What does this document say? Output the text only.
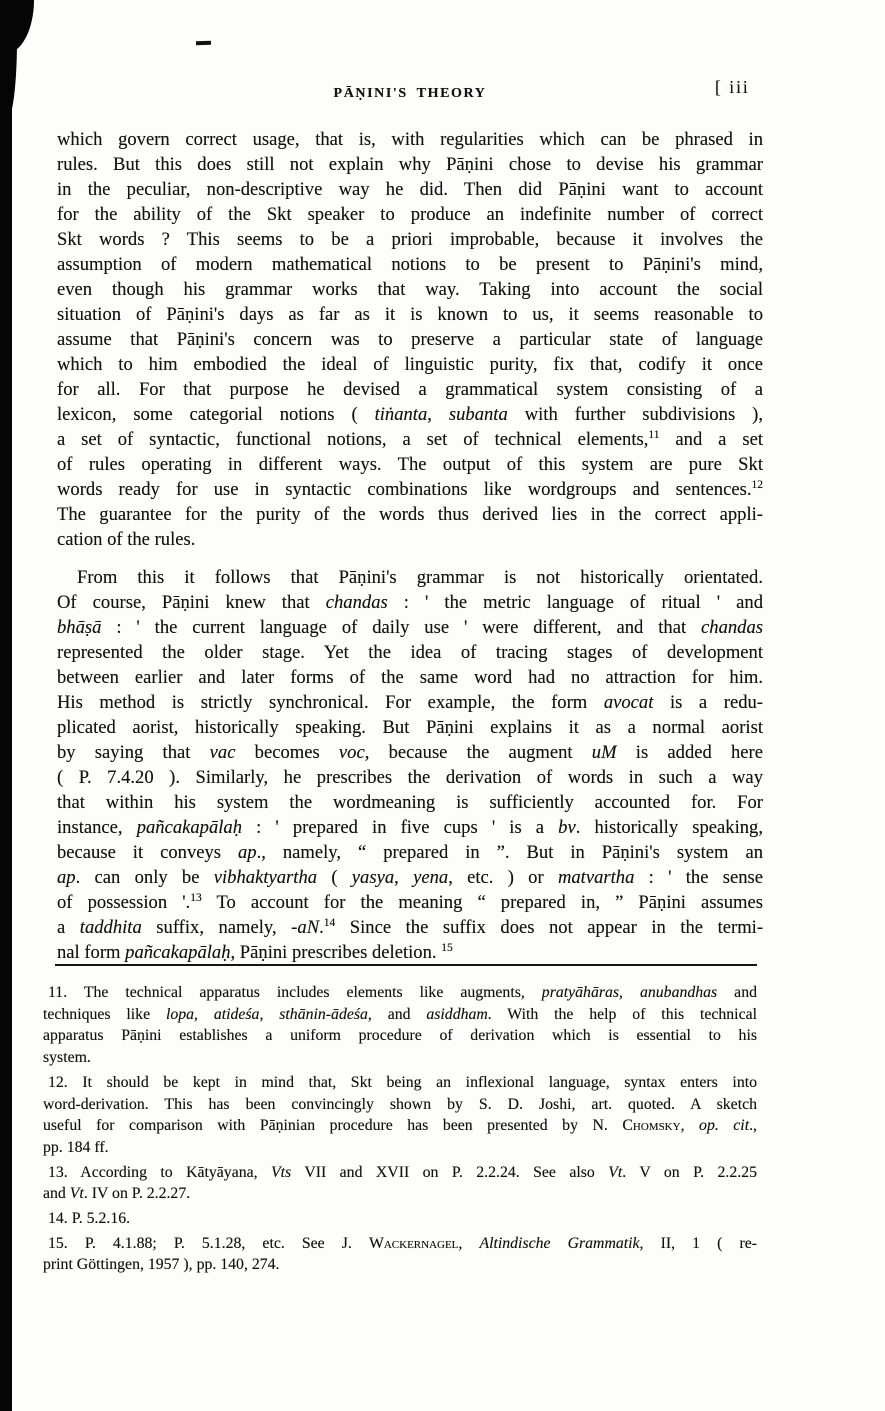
PĀṆINI'S THEORY	[ iii
which govern correct usage, that is, with regularities which can be phrased in
rules. But this does still not explain why Pāṇini chose to devise his grammar
in the peculiar, non-descriptive way he did. Then did Pāṇini want to account
for the ability of the Skt speaker to produce an indefinite number of correct
Skt words ? This seems to be a priori improbable, because it involves the
assumption of modern mathematical notions to be present to Pāṇini's mind,
even though his grammar works that way. Taking into account the social
situation of Pāṇini's days as far as it is known to us, it seems reasonable to
assume that Pāṇini's concern was to preserve a particular state of language
which to him embodied the ideal of linguistic purity, fix that, codify it once
for all. For that purpose he devised a grammatical system consisting of a
lexicon, some categorial notions ( tiṅanta, subanta with further subdivisions ),
a set of syntactic, functional notions, a set of technical elements,$^{11}$ and a set
of rules operating in different ways. The output of this system are pure Skt
words ready for use in syntactic combinations like wordgroups and sentences.$^{12}$
The guarantee for the purity of the words thus derived lies in the correct appli-
cation of the rules.
From this it follows that Pāṇini's grammar is not historically orientated.
Of course, Pāṇini knew that chandas : ' the metric language of ritual ' and
bhāṣā : ' the current language of daily use ' were different, and that chandas
represented the older stage. Yet the idea of tracing stages of development
between earlier and later forms of the same word had no attraction for him.
His method is strictly synchronical. For example, the form avocat is a redu-
plicated aorist, historically speaking. But Pāṇini explains it as a normal aorist
by saying that vac becomes voc, because the augment uM is added here
( P. 7.4.20 ). Similarly, he prescribes the derivation of words in such a way
that within his system the wordmeaning is sufficiently accounted for. For
instance, pañcakapālaḥ : ' prepared in five cups ' is a bv. historically speaking,
because it conveys ap., namely, “ prepared in ”. But in Pāṇini's system an
ap. can only be vibhaktyartha ( yasya, yena, etc. ) or matvartha : ' the sense
of possession '.$^{13}$ To account for the meaning “ prepared in, ” Pāṇini assumes
a taddhita suffix, namely, -aN.$^{14}$ Since the suffix does not appear in the termi-
nal form pañcakapālaḥ, Pāṇini prescribes deletion. $^{15}$
11. The technical apparatus includes elements like augments, pratyāhāras, anubandhas and
techniques like lopa, atideśa, sthānin-ādeśa, and asiddham. With the help of this technical
apparatus Pāṇini establishes a uniform procedure of derivation which is essential to his
system.
12. It should be kept in mind that, Skt being an inflexional language, syntax enters into
word-derivation. This has been convincingly shown by S. D. Joshi, art. quoted. A sketch
useful for comparison with Pāṇinian procedure has been presented by N. Chomsky, op. cit.,
pp. 184 ff.
13. According to Kātyāyana, Vts VII and XVII on P. 2.2.24. See also Vt. V on P. 2.2.25
and Vt. IV on P. 2.2.27.
14. P. 5.2.16.
15. P. 4.1.88; P. 5.1.28, etc. See J. Wackernagel, Altindische Grammatik, II, 1 ( re-
print Göttingen, 1957 ), pp. 140, 274.
